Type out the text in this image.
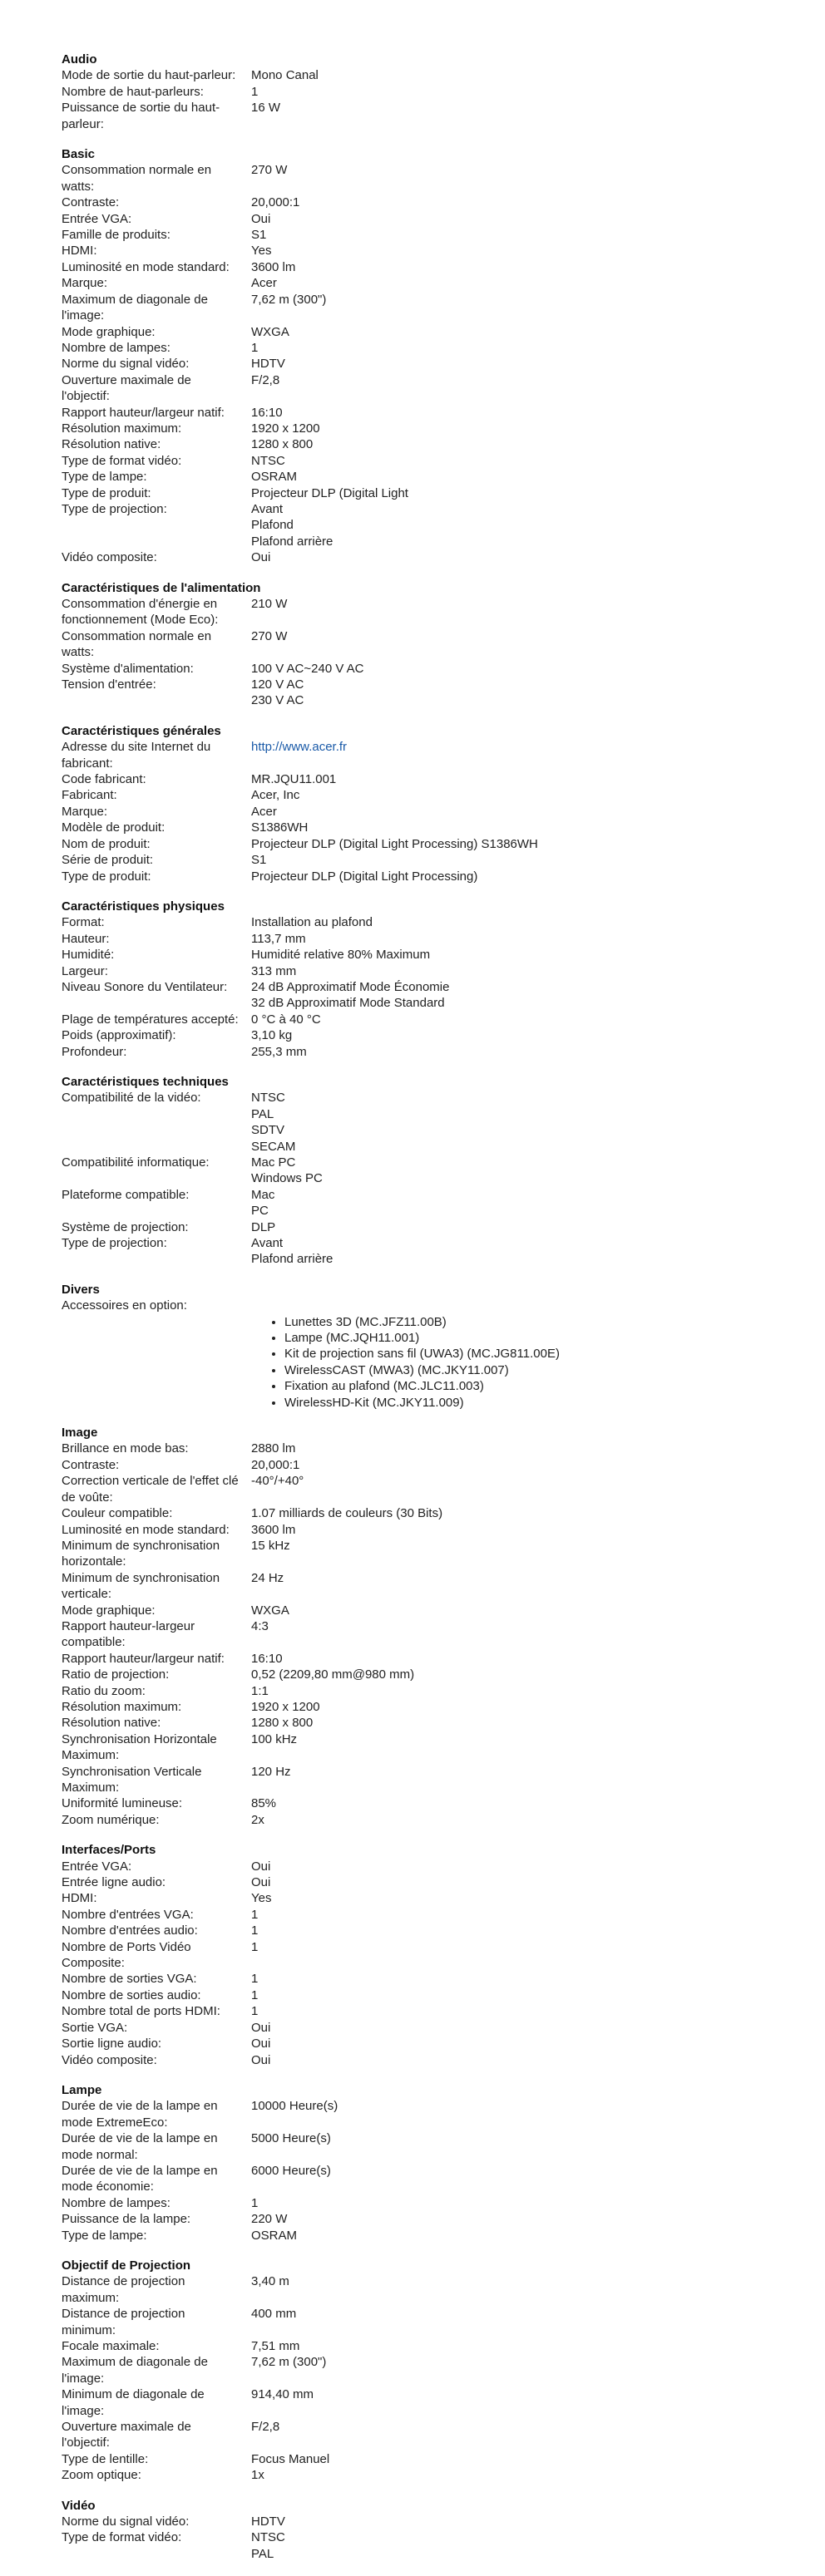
Audio
Mode de sortie du haut-parleur:	Mono Canal
Nombre de haut-parleurs:	1
Puissance de sortie du haut-
parleur:
16 W
Basic
Consommation normale en
watts:
270 W
Contraste:	20,000:1
Entrée VGA:	Oui
Famille de produits:	S1
HDMI:	Yes
Luminosité en mode standard:	3600 lm
Marque:	Acer
Maximum de diagonale de
l'image:
7,62 m (300")
Mode graphique:	WXGA
Nombre de lampes:	1
Norme du signal vidéo:	HDTV
Ouverture maximale de
l'objectif:
F/2,8
Rapport hauteur/largeur natif:	16:10
Résolution maximum:	1920 x 1200
Résolution native:	1280 x 800
Type de format vidéo:	NTSC
Type de lampe:	OSRAM
Type de produit:	Projecteur DLP (Digital Light
Type de projection:	Avant
Plafond
Plafond arrière
Vidéo composite:	Oui
Caractéristiques de l'alimentation
Consommation d'énergie en
fonctionnement (Mode Eco):
210 W
Consommation normale en
watts:
270 W
Système d'alimentation:	100 V AC~240 V AC
Tension d'entrée:	120 V AC
230 V AC
Caractéristiques générales
Adresse du site Internet du
fabricant:
http://www.acer.fr
Code fabricant:	MR.JQU11.001
Fabricant:	Acer, Inc
Marque:	Acer
Modèle de produit:	S1386WH
Nom de produit:	Projecteur DLP (Digital Light Processing) S1386WH
Série de produit:	S1
Type de produit:	Projecteur DLP (Digital Light Processing)
Caractéristiques physiques
Format:	Installation au plafond
Hauteur:	113,7 mm
Humidité:	Humidité relative 80% Maximum
Largeur:	313 mm
Niveau Sonore du Ventilateur:	24 dB Approximatif Mode Économie
32 dB Approximatif Mode Standard
Plage de températures accepté:	0 °C à 40 °C
Poids (approximatif):	3,10 kg
Profondeur:	255,3 mm
Caractéristiques techniques
Compatibilité de la vidéo:	NTSC
PAL
SDTV
SECAM
Compatibilité informatique:	Mac PC
Windows PC
Plateforme compatible:	Mac
PC
Système de projection:	DLP
Type de projection:	Avant
Plafond arrière
Divers
Accessoires en option:
• Lunettes 3D (MC.JFZ11.00B)
• Lampe (MC.JQH11.001)
• Kit de projection sans fil (UWA3) (MC.JG811.00E)
• WirelessCAST (MWA3) (MC.JKY11.007)
• Fixation au plafond (MC.JLC11.003)
• WirelessHD-Kit (MC.JKY11.009)
Image
Brillance en mode bas:	2880 lm
Contraste:	20,000:1
Correction verticale de l'effet clé
de voûte:
-40°/+40°
Couleur compatible:	1.07 milliards de couleurs (30 Bits)
Luminosité en mode standard:	3600 lm
Minimum de synchronisation
horizontale:
15 kHz
Minimum de synchronisation
verticale:
24 Hz
Mode graphique:	WXGA
Rapport hauteur-largeur
compatible:
4:3
Rapport hauteur/largeur natif:	16:10
Ratio de projection:	0,52 (2209,80 mm@980 mm)
Ratio du zoom:	1:1
Résolution maximum:	1920 x 1200
Résolution native:	1280 x 800
Synchronisation Horizontale
Maximum:
100 kHz
Synchronisation Verticale
Maximum:
120 Hz
Uniformité lumineuse:	85%
Zoom numérique:	2x
Interfaces/Ports
Entrée VGA:	Oui
Entrée ligne audio:	Oui
HDMI:	Yes
Nombre d'entrées VGA:	1
Nombre d'entrées audio:	1
Nombre de Ports Vidéo
Composite:
1
Nombre de sorties VGA:	1
Nombre de sorties audio:	1
Nombre total de ports HDMI:	1
Sortie VGA:	Oui
Sortie ligne audio:	Oui
Vidéo composite:	Oui
Lampe
Durée de vie de la lampe en
mode ExtremeEco:
10000 Heure(s)
Durée de vie de la lampe en
mode normal:
5000 Heure(s)
Durée de vie de la lampe en
mode économie:
6000 Heure(s)
Nombre de lampes:	1
Puissance de la lampe:	220 W
Type de lampe:	OSRAM
Objectif de Projection
Distance de projection
maximum:
3,40 m
Distance de projection
minimum:
400 mm
Focale maximale:	7,51 mm
Maximum de diagonale de
l'image:
7,62 m (300")
Minimum de diagonale de
l'image:
914,40 mm
Ouverture maximale de
l'objectif:
F/2,8
Type de lentille:	Focus Manuel
Zoom optique:	1x
Vidéo
Norme du signal vidéo:	HDTV
Type de format vidéo:	NTSC
PAL
